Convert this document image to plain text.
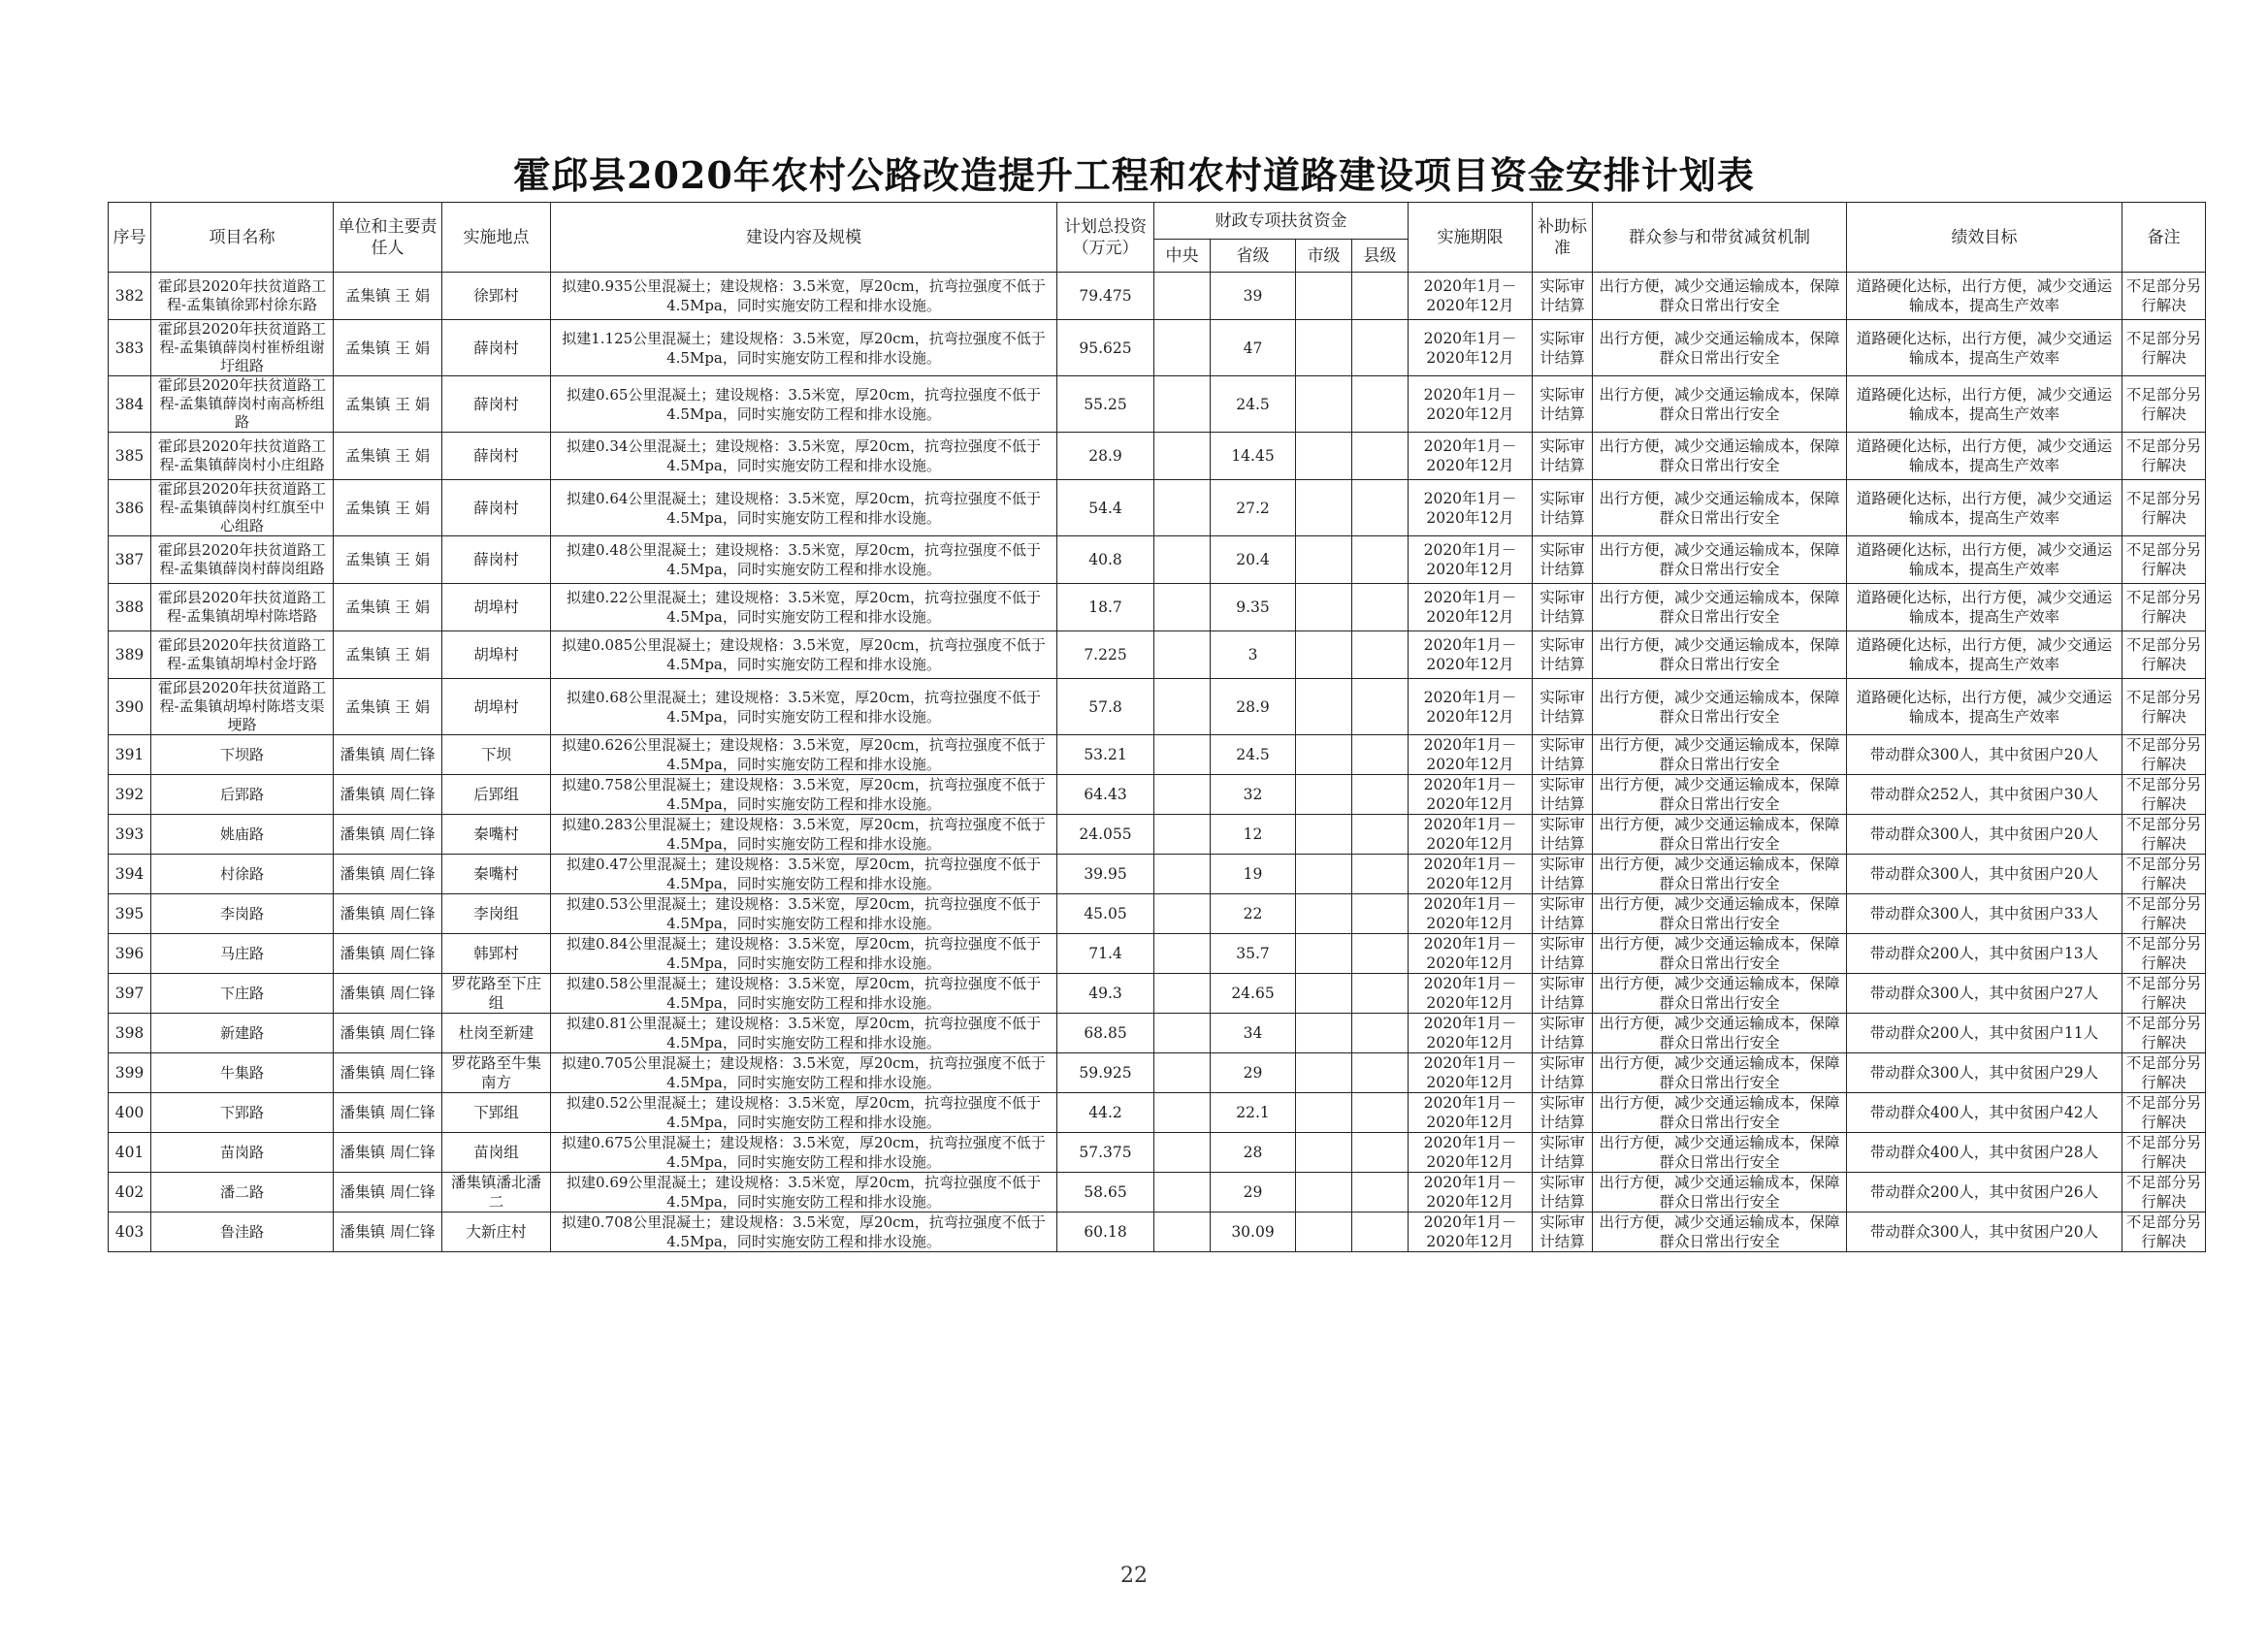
霍邱县2020年农村公路改造提升工程和农村道路建设项目资金安排计划表
序号	项目名称	单位和主要责任人	实施地点	建设内容及规模	计划总投资（万元）	财政专项扶贫资金				实施期限	补助标准	群众参与和带贫减贫机制	绩效目标	备注
						中央	省级	市级	县级					
382	霍邱县2020年扶贫道路工程-孟集镇徐郢村徐东路	孟集镇 王 娟	徐郢村	拟建0.935公里混凝土；建设规格：3.5米宽，厚20cm，抗弯拉强度不低于4.5Mpa，同时实施安防工程和排水设施。	79.475		39			2020年1月－2020年12月	实际审计结算	出行方便，减少交通运输成本，保障群众日常出行安全	道路硬化达标，出行方便，减少交通运输成本，提高生产效率	不足部分另行解决
383	霍邱县2020年扶贫道路工程-孟集镇薛岗村崔桥组谢圩组路	孟集镇 王 娟	薛岗村	拟建1.125公里混凝土；建设规格：3.5米宽，厚20cm，抗弯拉强度不低于4.5Mpa，同时实施安防工程和排水设施。	95.625		47			2020年1月－2020年12月	实际审计结算	出行方便，减少交通运输成本，保障群众日常出行安全	道路硬化达标，出行方便，减少交通运输成本，提高生产效率	不足部分另行解决
384	霍邱县2020年扶贫道路工程-孟集镇薛岗村南高桥组路	孟集镇 王 娟	薛岗村	拟建0.65公里混凝土；建设规格：3.5米宽，厚20cm，抗弯拉强度不低于4.5Mpa，同时实施安防工程和排水设施。	55.25		24.5			2020年1月－2020年12月	实际审计结算	出行方便，减少交通运输成本，保障群众日常出行安全	道路硬化达标，出行方便，减少交通运输成本，提高生产效率	不足部分另行解决
385	霍邱县2020年扶贫道路工程-孟集镇薛岗村小庄组路	孟集镇 王 娟	薛岗村	拟建0.34公里混凝土；建设规格：3.5米宽，厚20cm，抗弯拉强度不低于4.5Mpa，同时实施安防工程和排水设施。	28.9		14.45			2020年1月－2020年12月	实际审计结算	出行方便，减少交通运输成本，保障群众日常出行安全	道路硬化达标，出行方便，减少交通运输成本，提高生产效率	不足部分另行解决
386	霍邱县2020年扶贫道路工程-孟集镇薛岗村红旗至中心组路	孟集镇 王 娟	薛岗村	拟建0.64公里混凝土；建设规格：3.5米宽，厚20cm，抗弯拉强度不低于4.5Mpa，同时实施安防工程和排水设施。	54.4		27.2			2020年1月－2020年12月	实际审计结算	出行方便，减少交通运输成本，保障群众日常出行安全	道路硬化达标，出行方便，减少交通运输成本，提高生产效率	不足部分另行解决
387	霍邱县2020年扶贫道路工程-孟集镇薛岗村薛岗组路	孟集镇 王 娟	薛岗村	拟建0.48公里混凝土；建设规格：3.5米宽，厚20cm，抗弯拉强度不低于4.5Mpa，同时实施安防工程和排水设施。	40.8		20.4			2020年1月－2020年12月	实际审计结算	出行方便，减少交通运输成本，保障群众日常出行安全	道路硬化达标，出行方便，减少交通运输成本，提高生产效率	不足部分另行解决
388	霍邱县2020年扶贫道路工程-孟集镇胡埠村陈塔路	孟集镇 王 娟	胡埠村	拟建0.22公里混凝土；建设规格：3.5米宽，厚20cm，抗弯拉强度不低于4.5Mpa，同时实施安防工程和排水设施。	18.7		9.35			2020年1月－2020年12月	实际审计结算	出行方便，减少交通运输成本，保障群众日常出行安全	道路硬化达标，出行方便，减少交通运输成本，提高生产效率	不足部分另行解决
389	霍邱县2020年扶贫道路工程-孟集镇胡埠村金圩路	孟集镇 王 娟	胡埠村	拟建0.085公里混凝土；建设规格：3.5米宽，厚20cm，抗弯拉强度不低于4.5Mpa，同时实施安防工程和排水设施。	7.225		3			2020年1月－2020年12月	实际审计结算	出行方便，减少交通运输成本，保障群众日常出行安全	道路硬化达标，出行方便，减少交通运输成本，提高生产效率	不足部分另行解决
390	霍邱县2020年扶贫道路工程-孟集镇胡埠村陈塔支渠埂路	孟集镇 王 娟	胡埠村	拟建0.68公里混凝土；建设规格：3.5米宽，厚20cm，抗弯拉强度不低于4.5Mpa，同时实施安防工程和排水设施。	57.8		28.9			2020年1月－2020年12月	实际审计结算	出行方便，减少交通运输成本，保障群众日常出行安全	道路硬化达标，出行方便，减少交通运输成本，提高生产效率	不足部分另行解决
391	下坝路	潘集镇 周仁锋	下坝	拟建0.626公里混凝土；建设规格：3.5米宽，厚20cm，抗弯拉强度不低于4.5Mpa，同时实施安防工程和排水设施。	53.21		24.5			2020年1月－2020年12月	实际审计结算	出行方便，减少交通运输成本，保障群众日常出行安全	带动群众300人，其中贫困户20人	不足部分另行解决
392	后郢路	潘集镇 周仁锋	后郢组	拟建0.758公里混凝土；建设规格：3.5米宽，厚20cm，抗弯拉强度不低于4.5Mpa，同时实施安防工程和排水设施。	64.43		32			2020年1月－2020年12月	实际审计结算	出行方便，减少交通运输成本，保障群众日常出行安全	带动群众252人，其中贫困户30人	不足部分另行解决
393	姚庙路	潘集镇 周仁锋	秦嘴村	拟建0.283公里混凝土；建设规格：3.5米宽，厚20cm，抗弯拉强度不低于4.5Mpa，同时实施安防工程和排水设施。	24.055		12			2020年1月－2020年12月	实际审计结算	出行方便，减少交通运输成本，保障群众日常出行安全	带动群众300人，其中贫困户20人	不足部分另行解决
394	村徐路	潘集镇 周仁锋	秦嘴村	拟建0.47公里混凝土；建设规格：3.5米宽，厚20cm，抗弯拉强度不低于4.5Mpa，同时实施安防工程和排水设施。	39.95		19			2020年1月－2020年12月	实际审计结算	出行方便，减少交通运输成本，保障群众日常出行安全	带动群众300人，其中贫困户20人	不足部分另行解决
395	李岗路	潘集镇 周仁锋	李岗组	拟建0.53公里混凝土；建设规格：3.5米宽，厚20cm，抗弯拉强度不低于4.5Mpa，同时实施安防工程和排水设施。	45.05		22			2020年1月－2020年12月	实际审计结算	出行方便，减少交通运输成本，保障群众日常出行安全	带动群众300人，其中贫困户33人	不足部分另行解决
396	马庄路	潘集镇 周仁锋	韩郢村	拟建0.84公里混凝土；建设规格：3.5米宽，厚20cm，抗弯拉强度不低于4.5Mpa，同时实施安防工程和排水设施。	71.4		35.7			2020年1月－2020年12月	实际审计结算	出行方便，减少交通运输成本，保障群众日常出行安全	带动群众200人，其中贫困户13人	不足部分另行解决
397	下庄路	潘集镇 周仁锋	罗花路至下庄组	拟建0.58公里混凝土；建设规格：3.5米宽，厚20cm，抗弯拉强度不低于4.5Mpa，同时实施安防工程和排水设施。	49.3		24.65			2020年1月－2020年12月	实际审计结算	出行方便，减少交通运输成本，保障群众日常出行安全	带动群众300人，其中贫困户27人	不足部分另行解决
398	新建路	潘集镇 周仁锋	杜岗至新建	拟建0.81公里混凝土；建设规格：3.5米宽，厚20cm，抗弯拉强度不低于4.5Mpa，同时实施安防工程和排水设施。	68.85		34			2020年1月－2020年12月	实际审计结算	出行方便，减少交通运输成本，保障群众日常出行安全	带动群众200人，其中贫困户11人	不足部分另行解决
399	牛集路	潘集镇 周仁锋	罗花路至牛集南方	拟建0.705公里混凝土；建设规格：3.5米宽，厚20cm，抗弯拉强度不低于4.5Mpa，同时实施安防工程和排水设施。	59.925		29			2020年1月－2020年12月	实际审计结算	出行方便，减少交通运输成本，保障群众日常出行安全	带动群众300人，其中贫困户29人	不足部分另行解决
400	下郢路	潘集镇 周仁锋	下郢组	拟建0.52公里混凝土；建设规格：3.5米宽，厚20cm，抗弯拉强度不低于4.5Mpa，同时实施安防工程和排水设施。	44.2		22.1			2020年1月－2020年12月	实际审计结算	出行方便，减少交通运输成本，保障群众日常出行安全	带动群众400人，其中贫困户42人	不足部分另行解决
401	苗岗路	潘集镇 周仁锋	苗岗组	拟建0.675公里混凝土；建设规格：3.5米宽，厚20cm，抗弯拉强度不低于4.5Mpa，同时实施安防工程和排水设施。	57.375		28			2020年1月－2020年12月	实际审计结算	出行方便，减少交通运输成本，保障群众日常出行安全	带动群众400人，其中贫困户28人	不足部分另行解决
402	潘二路	潘集镇 周仁锋	潘集镇潘北潘二	拟建0.69公里混凝土；建设规格：3.5米宽，厚20cm，抗弯拉强度不低于4.5Mpa，同时实施安防工程和排水设施。	58.65		29			2020年1月－2020年12月	实际审计结算	出行方便，减少交通运输成本，保障群众日常出行安全	带动群众200人，其中贫困户26人	不足部分另行解决
403	鲁洼路	潘集镇 周仁锋	大新庄村	拟建0.708公里混凝土；建设规格：3.5米宽，厚20cm，抗弯拉强度不低于4.5Mpa，同时实施安防工程和排水设施。	60.18		30.09			2020年1月－2020年12月	实际审计结算	出行方便，减少交通运输成本，保障群众日常出行安全	带动群众300人，其中贫困户20人	不足部分另行解决
22
